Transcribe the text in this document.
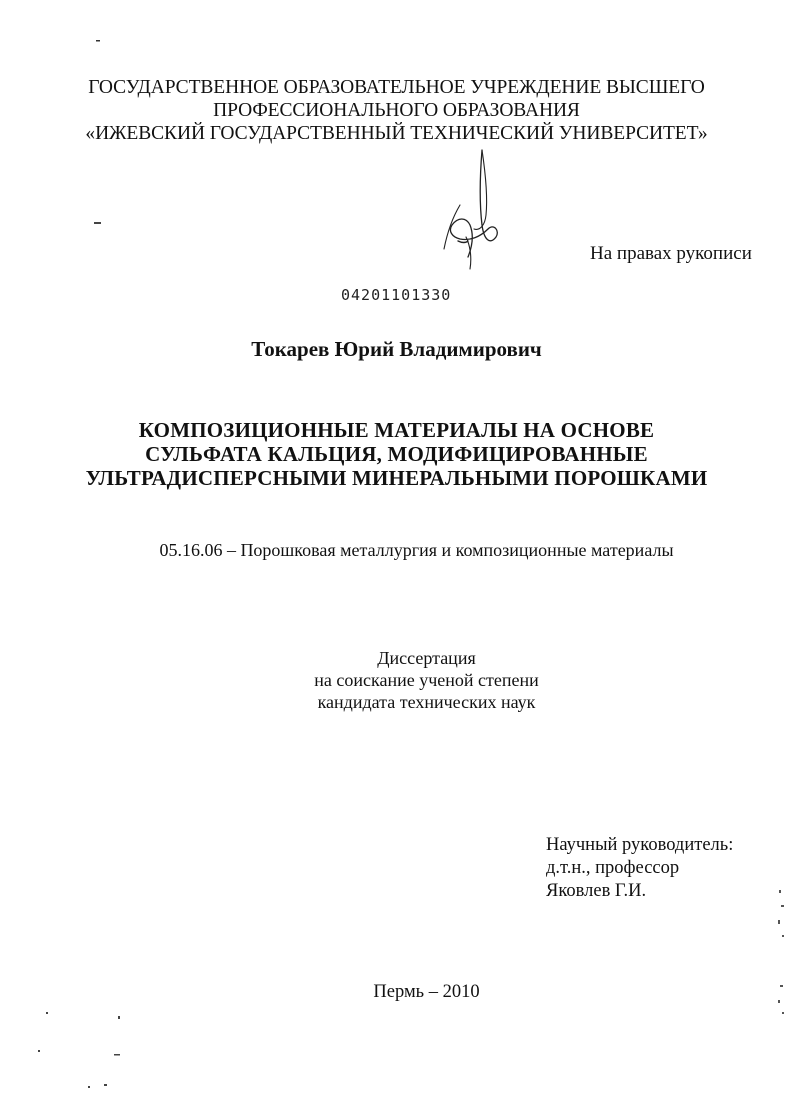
ГОСУДАРСТВЕННОЕ ОБРАЗОВАТЕЛЬНОЕ УЧРЕЖДЕНИЕ ВЫСШЕГО
ПРОФЕССИОНАЛЬНОГО ОБРАЗОВАНИЯ
«ИЖЕВСКИЙ ГОСУДАРСТВЕННЫЙ ТЕХНИЧЕСКИЙ УНИВЕРСИТЕТ»
На правах рукописи
04201101330
Токарев Юрий Владимирович
КОМПОЗИЦИОННЫЕ МАТЕРИАЛЫ НА ОСНОВЕ
СУЛЬФАТА КАЛЬЦИЯ, МОДИФИЦИРОВАННЫЕ
УЛЬТРАДИСПЕРСНЫМИ МИНЕРАЛЬНЫМИ ПОРОШКАМИ
05.16.06 – Порошковая металлургия и композиционные материалы
Диссертация
на соискание ученой степени
кандидата технических наук
Научный руководитель:
д.т.н., профессор
Яковлев Г.И.
Пермь – 2010
